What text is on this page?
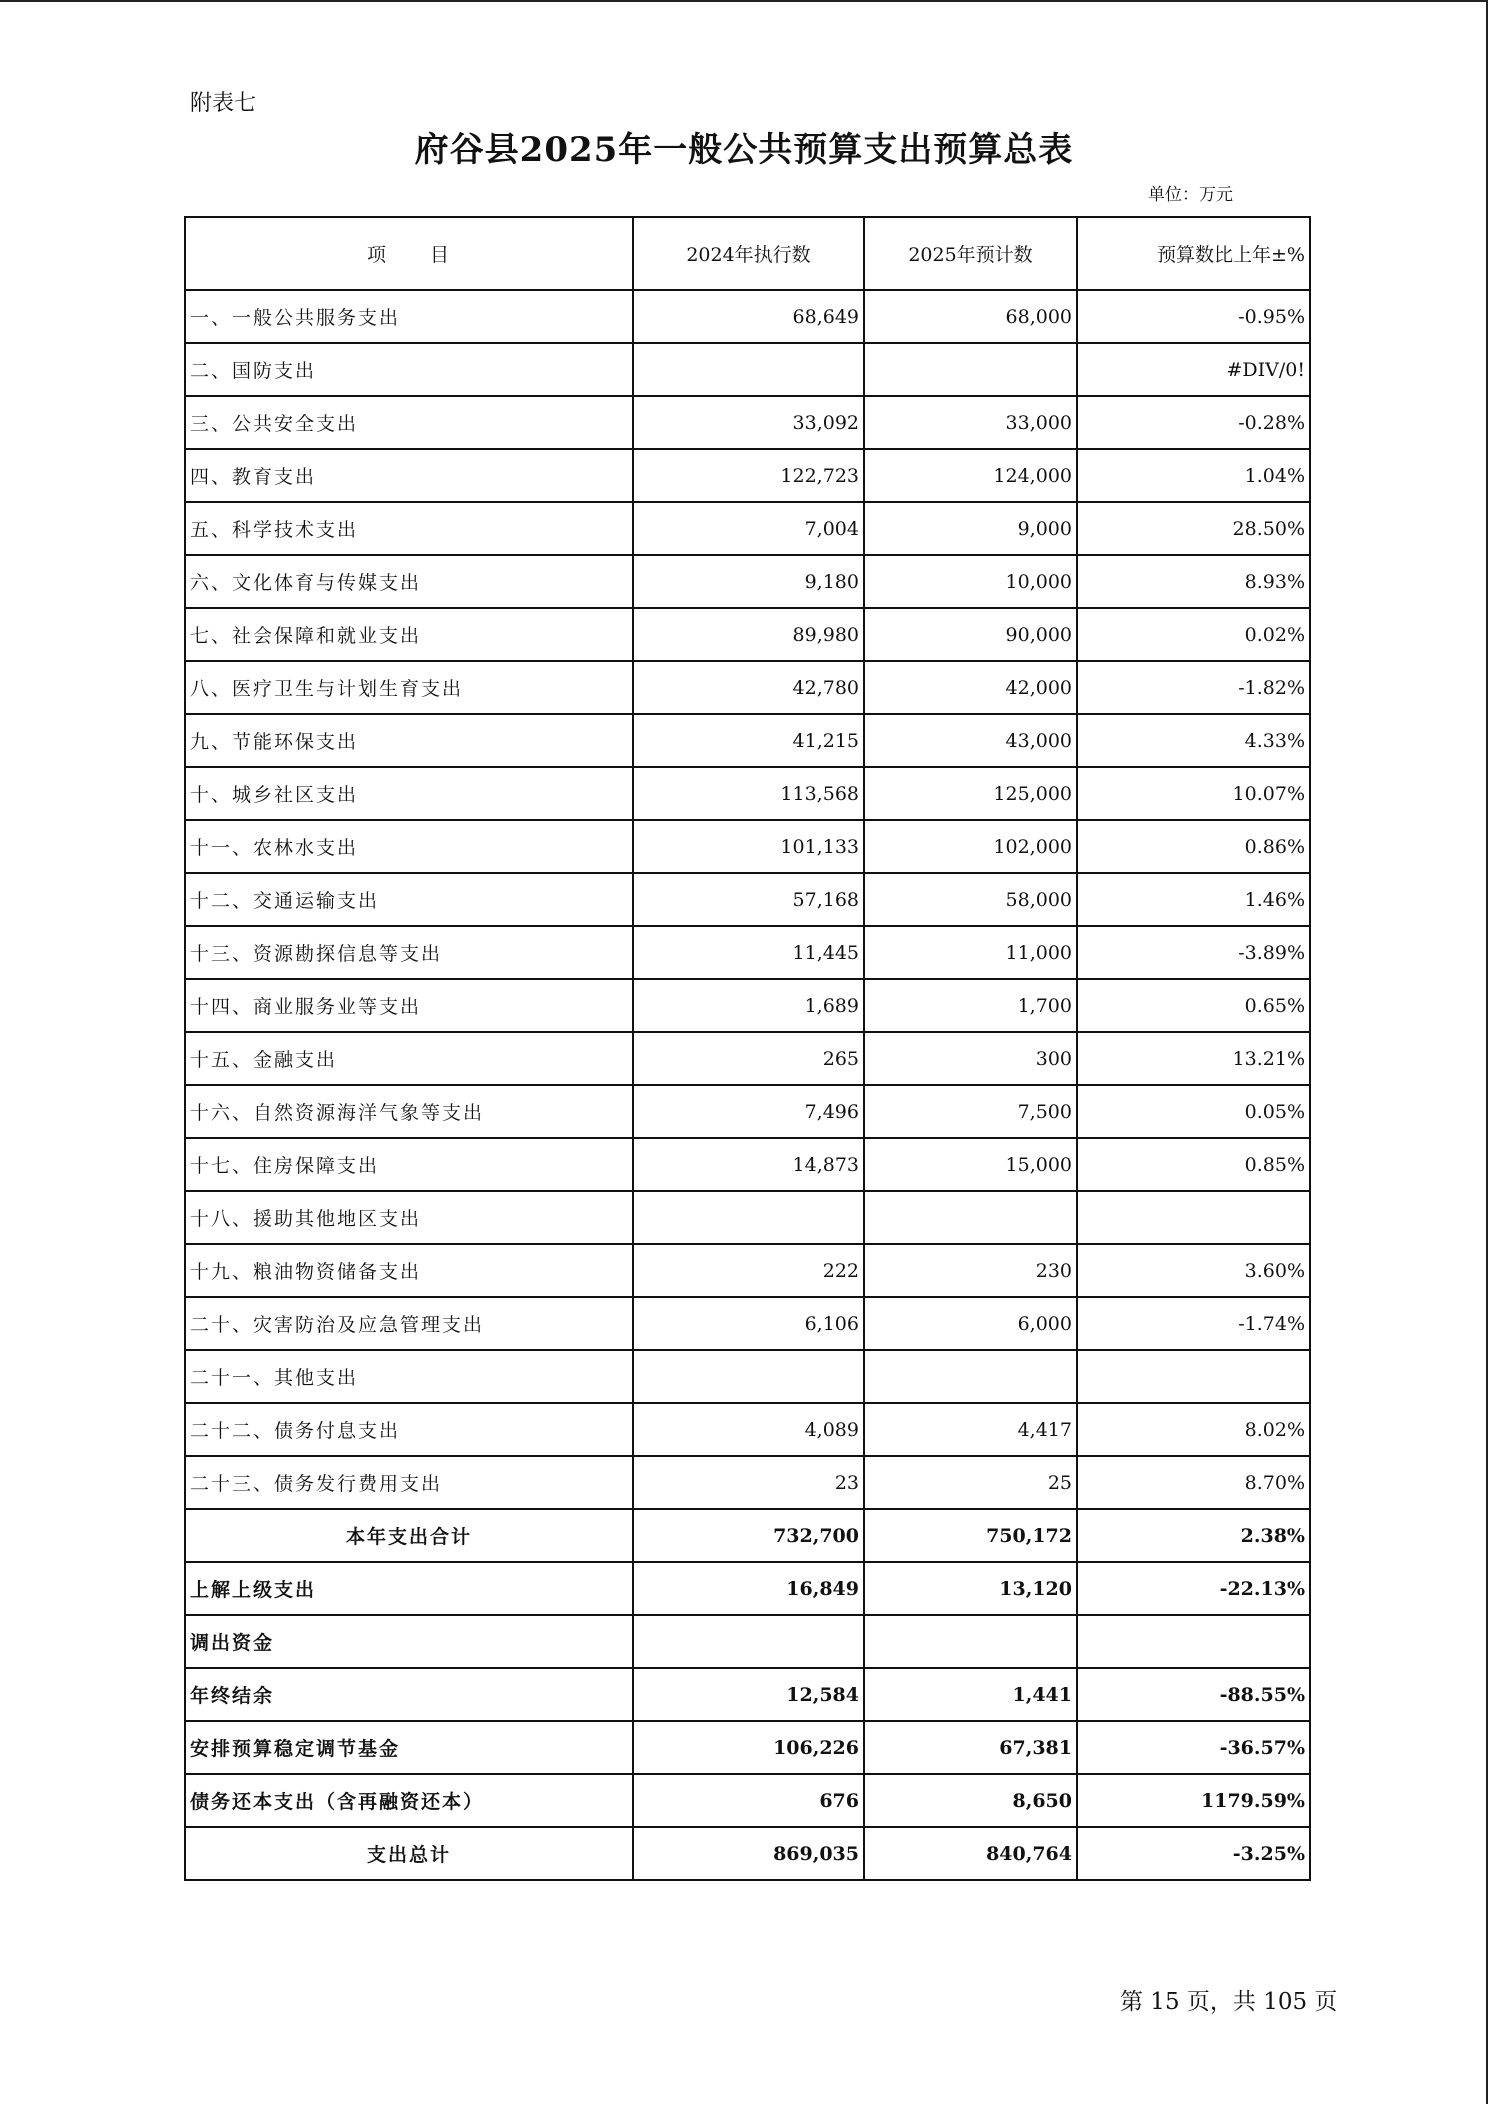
附表七
府谷县2025年一般公共预算支出预算总表
单位：万元
项　　目	2024年执行数	2025年预计数	预算数比上年±%
一、一般公共服务支出	68,649	68,000	-0.95%
二、国防支出			#DIV/0!
三、公共安全支出	33,092	33,000	-0.28%
四、教育支出	122,723	124,000	1.04%
五、科学技术支出	7,004	9,000	28.50%
六、文化体育与传媒支出	9,180	10,000	8.93%
七、社会保障和就业支出	89,980	90,000	0.02%
八、医疗卫生与计划生育支出	42,780	42,000	-1.82%
九、节能环保支出	41,215	43,000	4.33%
十、城乡社区支出	113,568	125,000	10.07%
十一、农林水支出	101,133	102,000	0.86%
十二、交通运输支出	57,168	58,000	1.46%
十三、资源勘探信息等支出	11,445	11,000	-3.89%
十四、商业服务业等支出	1,689	1,700	0.65%
十五、金融支出	265	300	13.21%
十六、自然资源海洋气象等支出	7,496	7,500	0.05%
十七、住房保障支出	14,873	15,000	0.85%
十八、援助其他地区支出			
十九、粮油物资储备支出	222	230	3.60%
二十、灾害防治及应急管理支出	6,106	6,000	-1.74%
二十一、其他支出			
二十二、债务付息支出	4,089	4,417	8.02%
二十三、债务发行费用支出	23	25	8.70%
本年支出合计	732,700	750,172	2.38%
上解上级支出	16,849	13,120	-22.13%
调出资金			
年终结余	12,584	1,441	-88.55%
安排预算稳定调节基金	106,226	67,381	-36.57%
债务还本支出（含再融资还本）	676	8,650	1179.59%
支出总计	869,035	840,764	-3.25%
第 15 页，共 105 页
